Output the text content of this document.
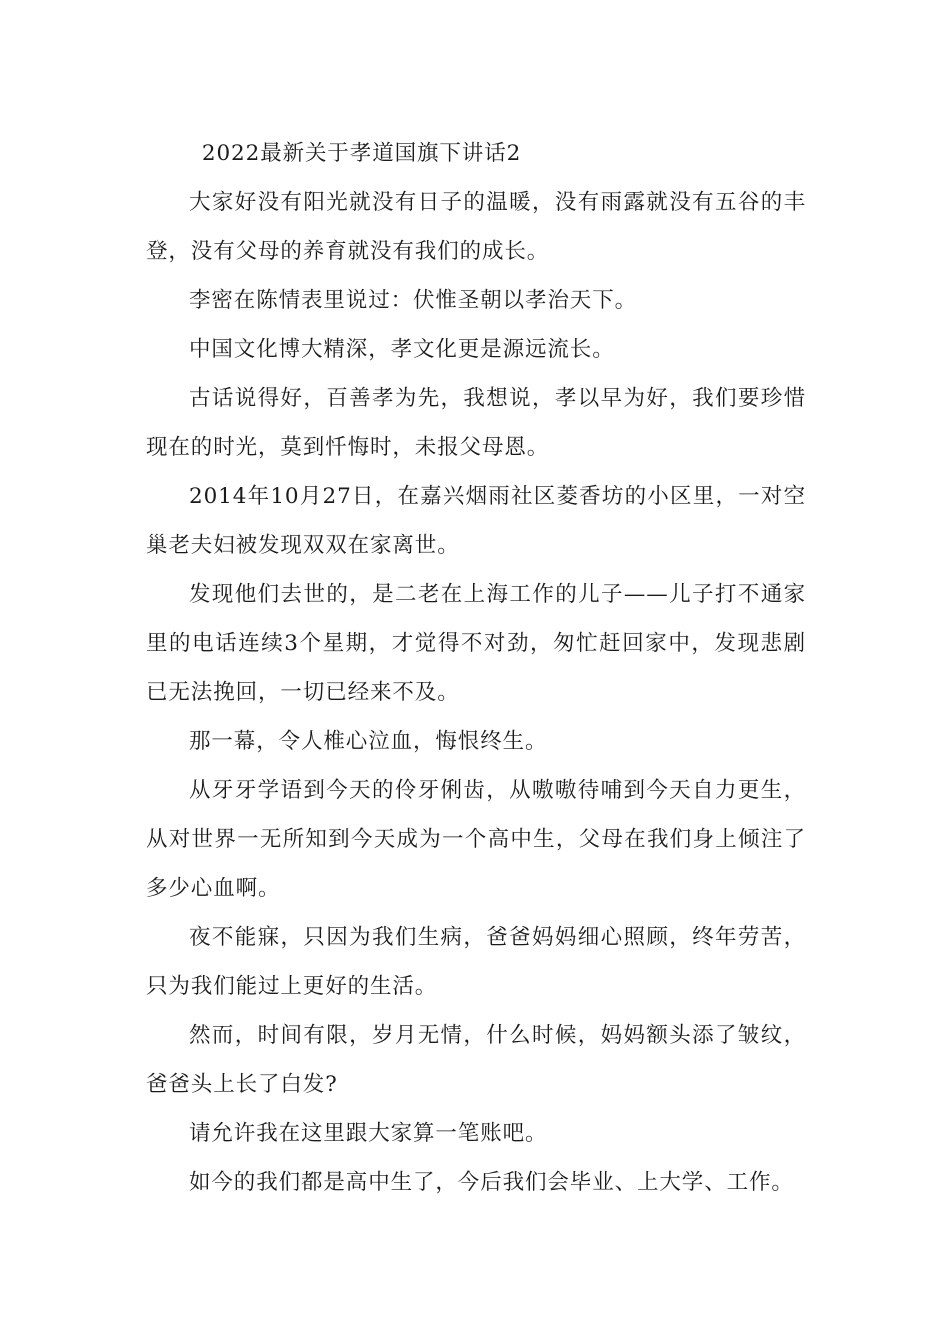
2022最新关于孝道国旗下讲话2

大家好没有阳光就没有日子的温暖，没有雨露就没有五谷的丰登，没有父母的养育就没有我们的成长。

李密在陈情表里说过：伏惟圣朝以孝治天下。

中国文化博大精深，孝文化更是源远流长。

古话说得好，百善孝为先，我想说，孝以早为好，我们要珍惜现在的时光，莫到忏悔时，未报父母恩。

2014年10月27日，在嘉兴烟雨社区菱香坊的小区里，一对空巢老夫妇被发现双双在家离世。

发现他们去世的，是二老在上海工作的儿子——儿子打不通家里的电话连续3个星期，才觉得不对劲，匆忙赶回家中，发现悲剧已无法挽回，一切已经来不及。

那一幕，令人椎心泣血，悔恨终生。

从牙牙学语到今天的伶牙俐齿，从嗷嗷待哺到今天自力更生，从对世界一无所知到今天成为一个高中生，父母在我们身上倾注了多少心血啊。

夜不能寐，只因为我们生病，爸爸妈妈细心照顾，终年劳苦，只为我们能过上更好的生活。

然而，时间有限，岁月无情，什么时候，妈妈额头添了皱纹，爸爸头上长了白发?

请允许我在这里跟大家算一笔账吧。

如今的我们都是高中生了，今后我们会毕业、上大学、工作。
